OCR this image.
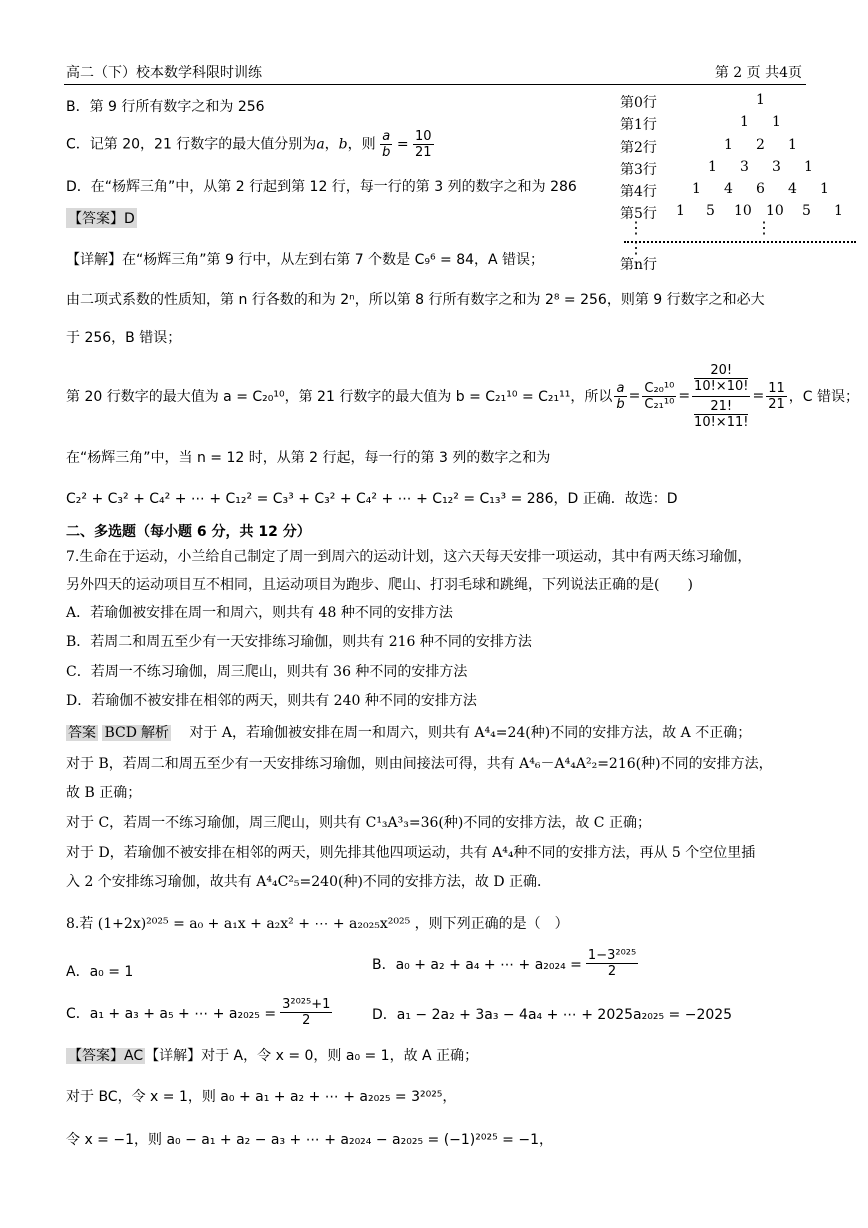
高二（下）校本数学科限时训练	第 2 页 共4页
第0行	1
第1行	1 1
第2行	1 2 1
第3行	1 3 3 1
第4行	1 4 6 4 1
第5行 1 5 10 10 5 1
⋮	⋮
⋮
第n行
B．第 9 行所有数字之和为 256
C．记第 20，21 行数字的最大值分别为a，b，则 $\frac{a}{b} = \frac{10}{21}$
D．在“杨辉三角”中，从第 2 行起到第 12 行，每一行的第 3 列的数字之和为 286
【答案】D
【详解】在“杨辉三角”第 9 行中，从左到右第 7 个数是 C₉⁶ = 84，A 错误；
由二项式系数的性质知，第 n 行各数的和为 2ⁿ，所以第 8 行所有数字之和为 2⁸ = 256，则第 9 行数字之和必大
于 256，B 错误；
第 20 行数字的最大值为 a = C₂₀¹⁰，第 21 行数字的最大值为 b = C₂₁¹⁰ = C₂₁¹¹，所以 $\frac{a}{b} = \frac{\text{C₂₀¹⁰}}{\text{C₂₁¹⁰}} = 20$!
10!×10!
21!
10!×11! = $\frac{11}{21}$ ，C 错误；
在“杨辉三角”中，当 n = 12 时，从第 2 行起，每一行的第 3 列的数字之和为
C₂² + C₃² + C₄² + ⋯ + C₁₂² = C₃³ + C₃² + C₄² + ⋯ + C₁₂² = C₁₃³ = 286，D 正确．故选：D
二、多选题（每小题 6 分，共 12 分）
7.生命在于运动，小兰给自己制定了周一到周六的运动计划，这六天每天安排一项运动，其中有两天练习瑜伽，
另外四天的运动项目互不相同，且运动项目为跑步、爬山、打羽毛球和跳绳，下列说法正确的是(　　)
A．若瑜伽被安排在周一和周六，则共有 48 种不同的安排方法
B．若周二和周五至少有一天安排练习瑜伽，则共有 216 种不同的安排方法
C．若周一不练习瑜伽，周三爬山，则共有 36 种不同的安排方法
D．若瑜伽不被安排在相邻的两天，则共有 240 种不同的安排方法
答案 BCD 解析 　对于 A，若瑜伽被安排在周一和周六，则共有 A⁴₄=24(种)不同的安排方法，故 A 不正确；
对于 B，若周二和周五至少有一天安排练习瑜伽，则由间接法可得，共有 A⁴₆－A⁴₄A²₂=216(种)不同的安排方法，
故 B 正确；
对于 C，若周一不练习瑜伽，周三爬山，则共有 C¹₃A³₃=36(种)不同的安排方法，故 C 正确；
对于 D，若瑜伽不被安排在相邻的两天，则先排其他四项运动，共有 A⁴₄种不同的安排方法，再从 5 个空位里插
入 2 个安排练习瑜伽，故共有 A⁴₄C²₅=240(种)不同的安排方法，故 D 正确．
8.若 (1+2x)²⁰²⁵ = a₀ + a₁x + a₂x² + ⋯ + a₂₀₂₅x²⁰²⁵ ，则下列正确的是（　）
A．a₀ = 1	B．a₀ + a₂ + a₄ + ⋯ + $a_{2024} = \frac{\text{1−3²⁰²⁵}}{2}$
C．a₁ + a₃ + a₅ + ⋯ + $a_{2025} = \frac{\text{3²⁰²⁵+1}}{2}$	D．a₁ − 2a₂ + 3a₃ − 4a₄ + ⋯ + 2025a₂₀₂₅ = −2025
【答案】AC 【详解】对于 A，令 x = 0，则 a₀ = 1，故 A 正确；
对于 BC，令 x = 1，则 a₀ + a₁ + a₂ + ⋯ + a₂₀₂₅ = 3²⁰²⁵，
令 x = −1，则 a₀ − a₁ + a₂ − a₃ + ⋯ + a₂₀₂₄ − a₂₀₂₅ = (−1)²⁰²⁵ = −1，
